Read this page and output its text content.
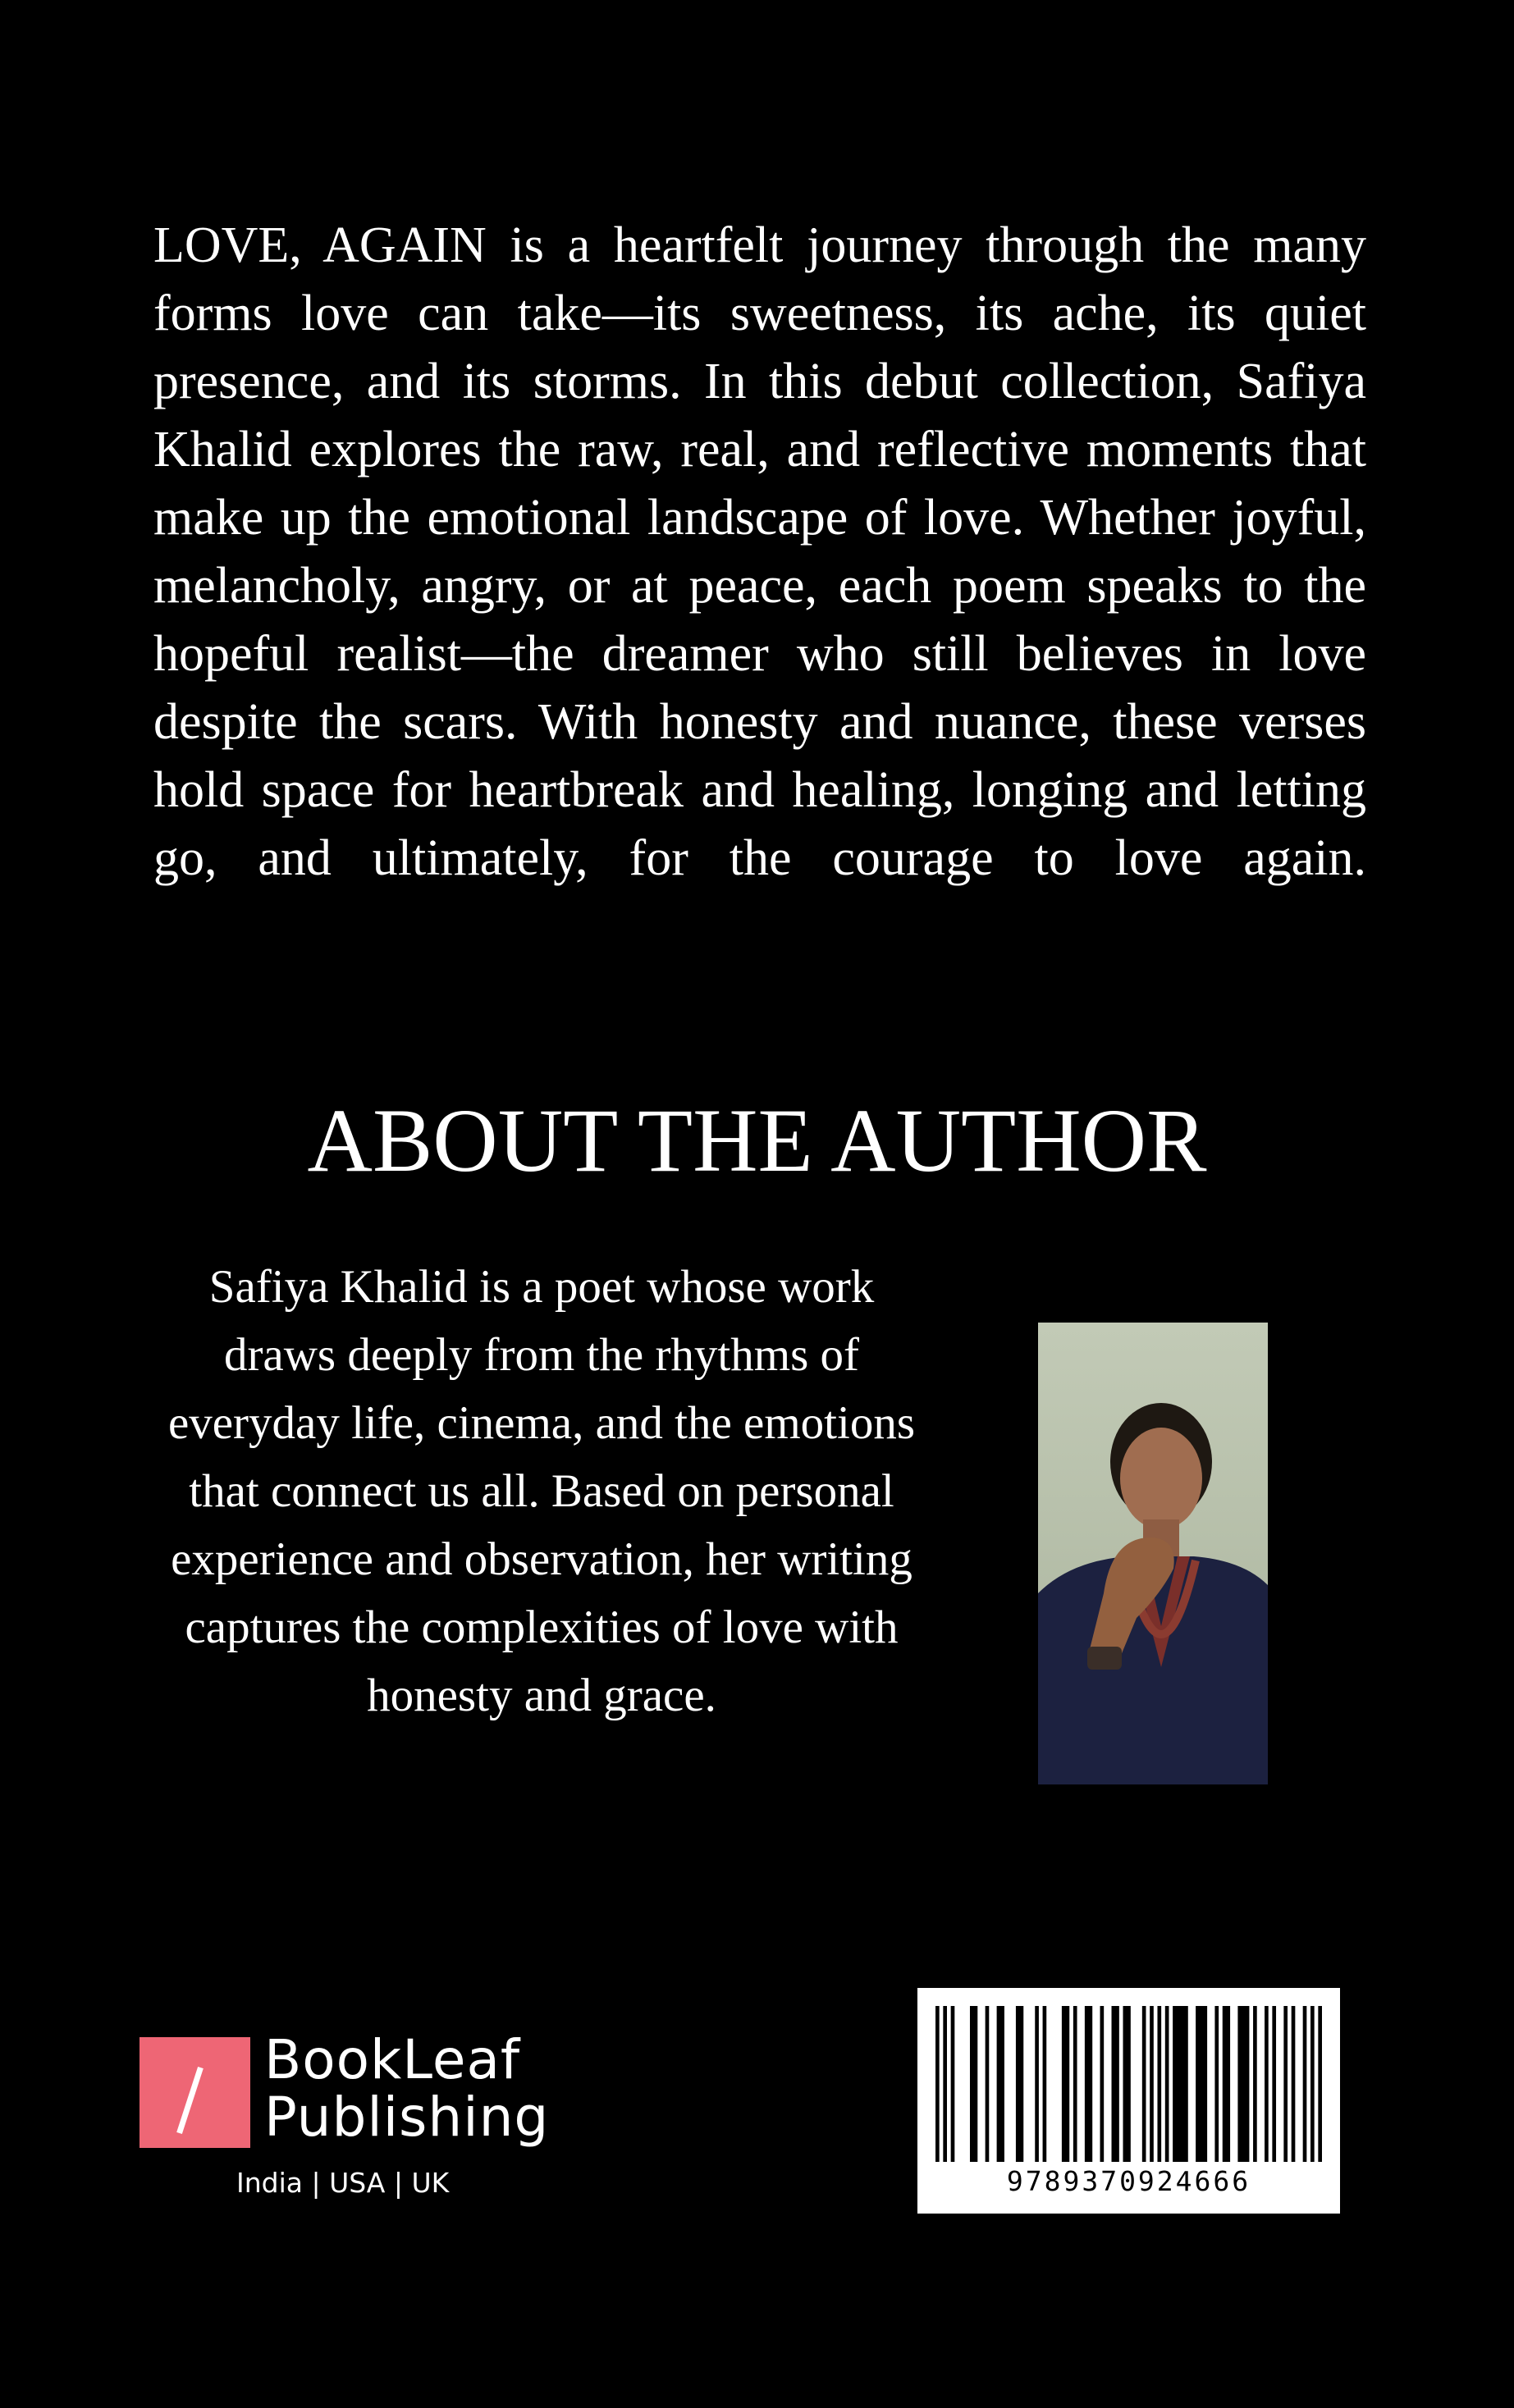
LOVE, AGAIN is a heartfelt journey through the many forms love can take—its sweetness, its ache, its quiet presence, and its storms. In this debut collection, Safiya Khalid explores the raw, real, and reflective moments that make up the emotional landscape of love. Whether joyful, melancholy, angry, or at peace, each poem speaks to the hopeful realist—the dreamer who still believes in love despite the scars. With honesty and nuance, these verses hold space for heartbreak and healing, longing and letting go, and ultimately, for the courage to love again.

ABOUT THE AUTHOR

Safiya Khalid is a poet whose work draws deeply from the rhythms of everyday life, cinema, and the emotions that connect us all. Based on personal experience and observation, her writing captures the complexities of love with honesty and grace.

BookLeaf
Publishing
India | USA | UK	9789370924666
